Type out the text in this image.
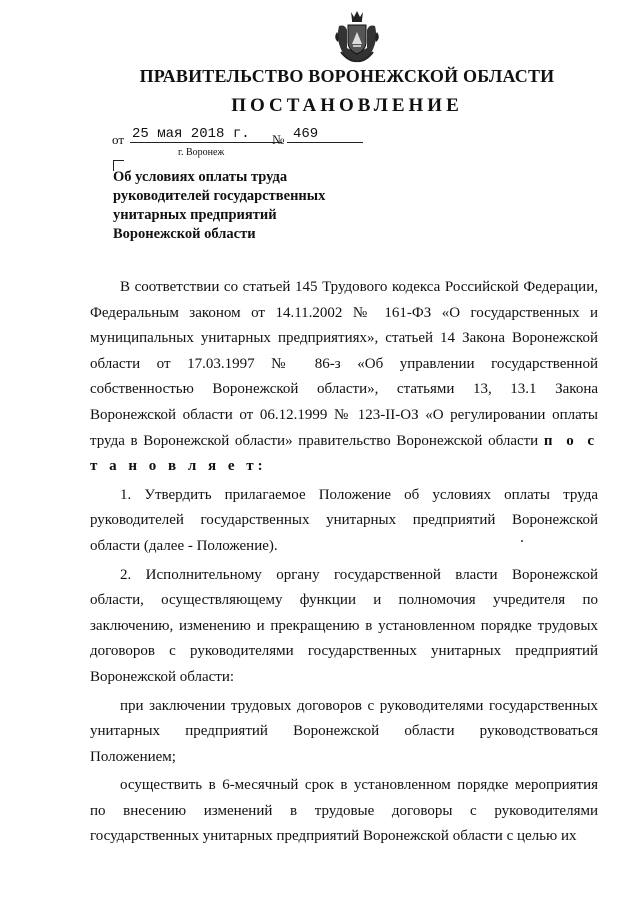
ПРАВИТЕЛЬСТВО ВОРОНЕЖСКОЙ ОБЛАСТИ
ПОСТАНОВЛЕНИЕ
от 25 мая 2018 г.	№ 469
г. Воронеж
Об условиях оплаты труда
руководителей государственных
унитарных предприятий
Воронежской области

В соответствии со статьей 145 Трудового кодекса Российской Федерации, Федеральным законом от 14.11.2002 № 161-ФЗ «О государственных и муниципальных унитарных предприятиях», статьей 14 Закона Воронежской области от 17.03.1997 № 86-з «Об управлении государственной собственностью Воронежской области», статьями 13, 13.1 Закона Воронежской области от 06.12.1999 № 123-II-ОЗ «О регулировании оплаты труда в Воронежской области» правительство Воронежской области п о с т а н о в л я е т:

1. Утвердить прилагаемое Положение об условиях оплаты труда руководителей государственных унитарных предприятий Воронежской области (далее - Положение).

2. Исполнительному органу государственной власти Воронежской области, осуществляющему функции и полномочия учредителя по заключению, изменению и прекращению в установленном порядке трудовых договоров с руководителями государственных унитарных предприятий Воронежской области:

при заключении трудовых договоров с руководителями государственных унитарных предприятий Воронежской области руководствоваться Положением;

осуществить в 6-месячный срок в установленном порядке мероприятия по внесению изменений в трудовые договоры с руководителями государственных унитарных предприятий Воронежской области с целью их
